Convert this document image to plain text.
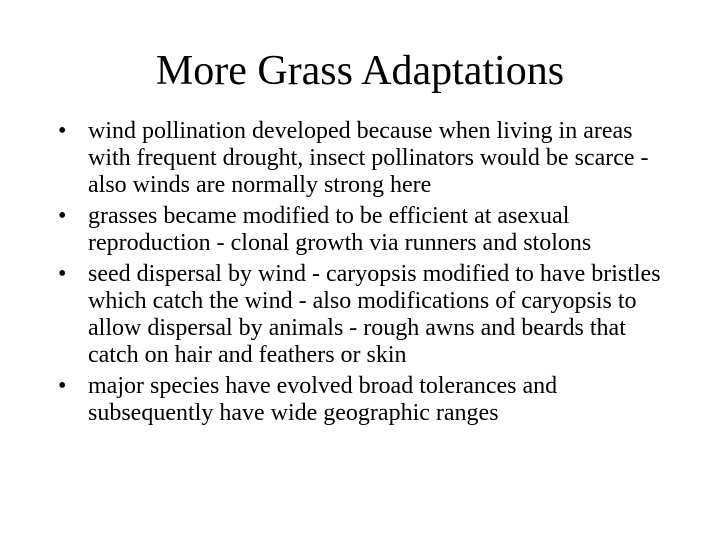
More Grass Adaptations
• wind pollination developed because when living in areas with frequent drought, insect pollinators would be scarce - also winds are normally strong here
• grasses became modified to be efficient at asexual reproduction - clonal growth via runners and stolons
• seed dispersal by wind - caryopsis modified to have bristles which catch the wind - also modifications of caryopsis to allow dispersal by animals - rough awns and beards that catch on hair and feathers or skin
• major species have evolved broad tolerances and subsequently have wide geographic ranges
